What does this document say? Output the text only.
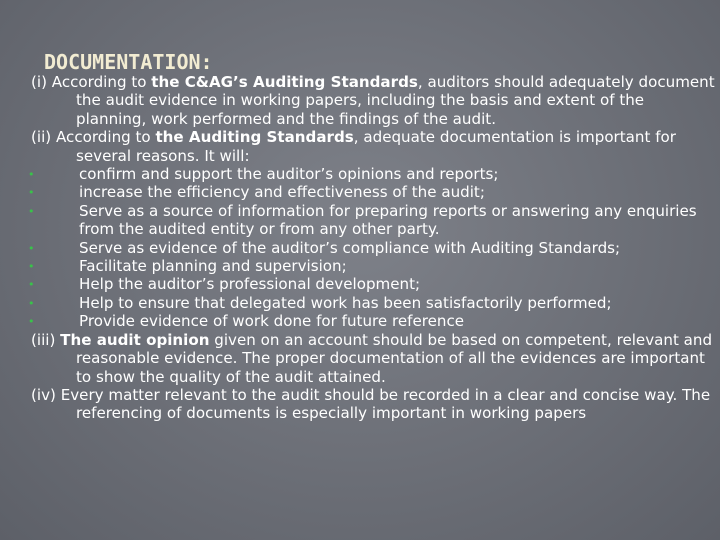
DOCUMENTATION:

(i) According to the C&AG’s Auditing Standards, auditors should adequately document the audit evidence in working papers, including the basis and extent of the planning, work performed and the findings of the audit.

(ii) According to the Auditing Standards, adequate documentation is important for several reasons. It will:

•	confirm and support the auditor’s opinions and reports;

•	increase the efficiency and effectiveness of the audit;

•	Serve as a source of information for preparing reports or answering any enquiries from the audited entity or from any other party.

•	Serve as evidence of the auditor’s compliance with Auditing Standards;

•	Facilitate planning and supervision;

•	Help the auditor’s professional development;

•	Help to ensure that delegated work has been satisfactorily performed;

•	Provide evidence of work done for future reference

(iii) The audit opinion given on an account should be based on competent, relevant and reasonable evidence. The proper documentation of all the evidences are important to show the quality of the audit attained.

(iv) Every matter relevant to the audit should be recorded in a clear and concise way. The referencing of documents is especially important in working papers
